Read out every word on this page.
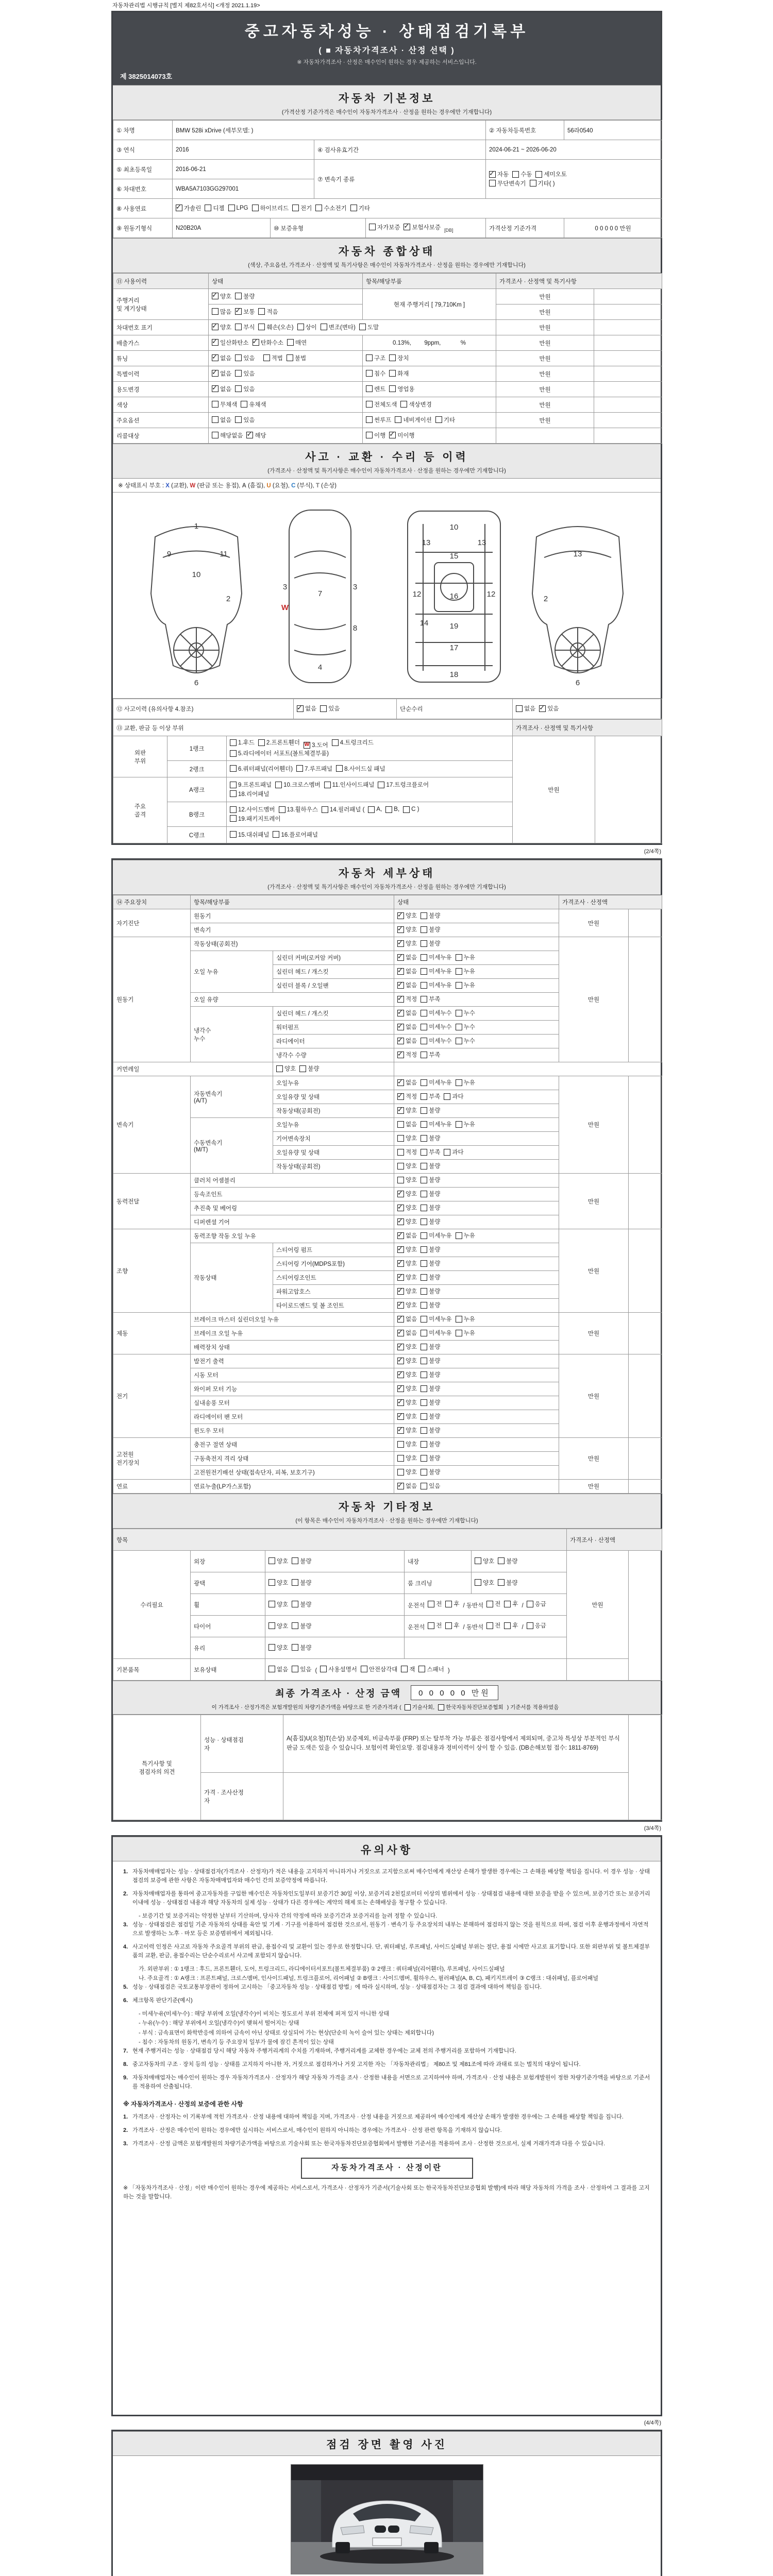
자동차관리법 시행규칙 [별지 제82호서식] <개정 2021.1.19>
중고자동차성능 · 상태점검기록부
( ■ 자동차가격조사 · 산정 선택 )
※ 자동차가격조사 · 산정은 매수인이 원하는 경우 제공하는 서비스입니다.
제 3825014073호
자동차 기본정보
(가격산정 기준가격은 매수인이 자동차가격조사 · 산정을 원하는 경우에만 기재합니다)
① 차명	BMW 528i xDrive (세부모델: )				② 자동차등록번호	56라0540
③ 연식	2016		④ 검사유효기간		2024-06-21 ~ 2026-06-20	
⑤ 최초등록일	2016-06-21		⑦ 변속기 종류	
✓
자동 수동 세미오토

무단변속기 기타( )

⑥ 차대번호	WBA5A7103GG297001					
⑧ 사용연료	
✓가솔린 디젤 LPG 하이브리드 전기 수소전기 기타

⑨ 원동기형식	N20B20A	⑩ 보증유형		자가보증 ✓ 보험사보증 $_{[DB]}$	가격산정 기준가격	0 0 0 0 0 만원
자동차 종합상태
(색상, 주요옵션, 가격조사 · 산정액 및 특기사항은 매수인이 자동차가격조사 · 산정을 원하는 경우에만 기재합니다)
⑪ 사용이력	상태	항목/해당부품	가격조사 · 산정액 및 특기사항	
주행거리
및 계기상태	
✓
양호 불량	현재 주행거리 [ 79,710Km ]	만원	

	많음 ✓ 보통 적음		만원	
차대번호 표기	
✓양호 부식 훼손(오손) 상이 변조(변타) 도말	만원	
배출가스	
✓일산화탄소 ✓ 탄화수소 매연	0.13%,        9ppm,            %	만원	
튜닝	
✓없음 있음
적법 불법	구조 장치	만원	
특별이력	
✓없음 있음	침수 화재	만원	
용도변경	
✓없음 있음	렌트 영업용	만원	
색상	무채색 유채색	전체도색 색상변경	만원	
주요옵션	없음 있음	썬루프 네비게이션 기타	만원	
리콜대상	해당없음 ✓ 해당	이행 ✓ 미이행

사고 · 교환 · 수리 등 이력
(가격조사 · 산정액 및 특기사항은 매수인이 자동차가격조사 · 산정을 원하는 경우에만 기재합니다)
※ 상태표시 부호 : X (교환), W (판금 또는 용접), A (흠집), U (요철), C (부식), T (손상)
1
9
10
11
2
6
7
3
W
3
8
4
10
13	13
15
12	12
16
14	19
17
18
13
2
6
⑫ 사고이력 (유의사항 4.참조)	
✓없음 있음	단순수리	없음 ✓ 있음
⑬ 교환, 판금 등 이상 부위			가격조사 · 산정액 및 특기사항	
외판
부위	1랭크	
1.후드 2.프론트휀더 W 3.도어 4.트렁크리드

5.라디에이터 서포트(볼트체결부품)
	만원	
	2랭크	6.쿼터패널(리어휀더) 7.루프패널 8.사이드실 패널		

주요
골격	A랭크	9.프론트패널 10.크로스멤버 11.인사이드패널 17.트렁크플로어

18.리어패널		

B랭크	
12.사이드멤버 13.휠하우스 14.필러패널 ( A, B, C )

19.패키지트레이

	C랭크	15.대쉬패널 16.플로어패널		
(2/4쪽)
자동차 세부상태
(가격조사 · 산정액 및 특기사항은 매수인이 자동차가격조사 · 산정을 원하는 경우에만 기재합니다)
⑭ 주요장치	항목/해당부품		상태	가격조사 · 산정액	
자기진단	원동기	
✓양호 불량	만원	
	변속기	
✓양호 불량

원동기	작동상태(공회전)	
✓양호 불량	만원	
	오일 누유	실린더 커버(로커암 커버)	
✓없음 미세누유 누유

		실린더 헤드 / 개스킷	
✓없음 미세누유 누유

		실린더 블록 / 오일팬	
✓없음 미세누유 누유

	오일 유량	
✓적정 부족

	냉각수
누수	실린더 헤드 / 개스킷	
✓없음 미세누수 누수

		워터펌프	
✓없음 미세누수 누수

		라디에이터	
✓없음 미세누수 누수

		냉각수 수량	
✓적정 부족

커먼레일		양호 불량			

변속기	자동변속기
(A/T)	오일누유	
✓없음 미세누유 누유	만원	
		오일유량 및 상태	
✓적정 부족 과다

		작동상태(공회전)	
✓양호 불량

	수동변속기
(M/T)	오일누유	없음 미세누유 누유		

		기어변속장치	양호 불량		

		오일유량 및 상태	적정 부족 과다		

		작동상태(공회전)	양호 불량		

동력전달	클러치 어셈블리		양호 불량	만원	
	등속조인트	
✓양호 불량

	추진축 및 베어링	
✓양호 불량

	디퍼렌셜 기어	
✓양호 불량

조향	동력조향 작동 오일 누유	
✓없음 미세누유 누유	만원	
	작동상태	스티어링 펌프	
✓양호 불량

		스티어링 기어(MDPS포함)	
✓양호 불량

		스티어링조인트	
✓양호 불량

		파워고압호스	
✓양호 불량

		타이로드엔드 및 볼 조인트	
✓양호 불량

제동	브레이크 마스터 실린더오일 누유	
✓없음 미세누유 누유	만원	
	브레이크 오일 누유	
✓없음 미세누유 누유

	배력장치 상태	
✓양호 불량

전기	발전기 출력	
✓양호 불량	만원	
	시동 모터	
✓양호 불량

	와이퍼 모터 기능	
✓양호 불량

	실내송풍 모터	
✓양호 불량

	라디에이터 팬 모터	
✓양호 불량

	윈도우 모터	
✓양호 불량

고전원
전기장치	충전구 절연 상태		양호 불량	만원	
	구동축전지 격리 상태		양호 불량		

	고전원전기배선 상태(접속단자, 피복, 보호기구)		양호 불량		

연료	연료누출(LP가스포함)	
✓없음 있음	만원	
자동차 기타정보
(이 항목은 매수인이 자동차가격조사 · 산정을 원하는 경우에만 기재합니다)
항목					가격조사 · 산정액	
수리필요	외장	양호 불량	내장	양호 불량	만원	
	광택	양호 불량	룸 크리닝	양호 불량		

휠	양호 불량	운전석 전 후 / 동반석 전 후 / 응급

타이어	양호 불량	운전석 전 후 / 동반석 전 후 / 응급

	유리	양호 불량				

기본품목	보유상태	없음 있음 ( 사용설명서 안전삼각대 잭 스패너 )	
최종 가격조사 · 산정 금액	0 0 0 0 0 만원
이 가격조사 · 산정가격은 보험개발원의 차량기준가액을 바탕으로 한 기준가격과 ( 기술사회, 한국자동차진단보증협회 ) 기준서를 적용하였음
특기사항 및
점검자의 의견	성능 · 상태점검
자	A(흠집)U(요철)T(손상) 보증제외, 비금속부품 (FRP) 또는 탈부착 가능 부품은 점검사항에서 제외되며, 중고차 특성상 부분적인 부식 판금 도색은 있을 수 있습니다. 보험이력 확인요망. 점검내용과 정비이력이 상이 할 수 있음. (DB손해보험 접수: 1811-8769)	
	가격 · 조사산정
자		
(3/4쪽)
유의사항
1. 자동차매매업자는 성능 · 상태점검자(가격조사 · 산정자)가 적은 내용을 고지하지 아니하거나 거짓으로 고지함으로써 매수인에게 재산상 손해가 발생한 경우에는 그 손해를 배상할 책임을 집니다. 이 경우 성능 · 상태점검의 보증에 관한 사항은 자동차매매업자와 매수인 간의 보증약정에 따릅니다.
2. 자동차매매업자를 통하여 중고자동차를 구입한 매수인은 자동차인도일부터 보증기간 30일 이상, 보증거리 2천킬로미터 이상의 범위에서 성능 · 상태점검 내용에 대한 보증을 받을 수 있으며, 보증기간 또는 보증거리 이내에 성능 · 상태점검 내용과 해당 자동차의 실제 성능 · 상태가 다른 경우에는 계약의 해제 또는 손해배상을 청구할 수 있습니다.
- 보증기간 및 보증거리는 약정한 날부터 기산하며, 당사자 간의 약정에 따라 보증기간과 보증거리를 늘려 정할 수 있습니다.
3. 성능 · 상태점검은 점검일 기준 자동차의 상태를 육안 및 기계 · 기구를 이용하여 점검한 것으로서, 원동기 · 변속기 등 주요장치의 내부는 분해하여 점검하지 않는 것을 원칙으로 하며, 점검 이후 운행과정에서 자연적으로 발생하는 노후 · 마모 등은 보증범위에서 제외됩니다.
4. 사고이력 인정은 사고로 자동차 주요골격 부위의 판금, 용접수리 및 교환이 있는 경우로 한정합니다. 단, 쿼터패널, 루프패널, 사이드실패널 부위는 절단, 용접 시에만 사고로 표기합니다. 또한 외판부위 및 볼트체결부품의 교환, 판금, 용접수리는 단순수리로서 사고에 포함되지 않습니다.
가. 외판부위 : ① 1랭크 : 후드, 프론트휀더, 도어, 트렁크리드, 라디에이터서포트(볼트체결부품) ② 2랭크 : 쿼터패널(리어휀더), 루프패널, 사이드실패널
나. 주요골격 : ① A랭크 : 프론트패널, 크로스멤버, 인사이드패널, 트렁크플로어, 리어패널 ② B랭크 : 사이드멤버, 휠하우스, 필러패널(A, B, C), 패키지트레이 ③ C랭크 : 대쉬패널, 플로어패널
5. 성능 · 상태점검은 국토교통부장관이 정하여 고시하는 「중고자동차 성능 · 상태점검 방법」에 따라 실시하며, 성능 · 상태점검자는 그 점검 결과에 대하여 책임을 집니다.
6. 체크항목 판단기준(예시)
- 미세누유(미세누수) : 해당 부위에 오일(냉각수)이 비치는 정도로서 부위 전체에 퍼져 있지 아니한 상태
- 누유(누수) : 해당 부위에서 오일(냉각수)이 맺혀서 떨어지는 상태
- 부식 : 금속표면이 화학반응에 의하여 금속이 아닌 상태로 상실되어 가는 현상(단순히 녹이 슬어 있는 상태는 제외합니다)
- 침수 : 자동차의 원동기, 변속기 등 주요장치 일부가 물에 잠긴 흔적이 있는 상태
7. 현재 주행거리는 성능 · 상태점검 당시 해당 자동차 주행거리계의 수치를 기재하며, 주행거리계를 교체한 경우에는 교체 전의 주행거리를 포함하여 기재합니다.
8. 중고자동차의 구조 · 장치 등의 성능 · 상태를 고지하지 아니한 자, 거짓으로 점검하거나 거짓 고지한 자는 「자동차관리법」 제80조 및 제81조에 따라 과태료 또는 벌칙의 대상이 됩니다.
9. 자동차매매업자는 매수인이 원하는 경우 자동차가격조사 · 산정자가 해당 자동차 가격을 조사 · 산정한 내용을 서면으로 고지하여야 하며, 가격조사 · 산정 내용은 보험개발원이 정한 차량기준가액을 바탕으로 기준서를 적용하여 산출됩니다.
※ 자동차가격조사 · 산정의 보증에 관한 사항
1. 가격조사 · 산정자는 이 기록부에 적힌 가격조사 · 산정 내용에 대하여 책임을 지며, 가격조사 · 산정 내용을 거짓으로 제공하여 매수인에게 재산상 손해가 발생한 경우에는 그 손해를 배상할 책임을 집니다.
2. 가격조사 · 산정은 매수인이 원하는 경우에만 실시하는 서비스로서, 매수인이 원하지 아니하는 경우에는 가격조사 · 산정 관련 항목을 기재하지 않습니다.
3. 가격조사 · 산정 금액은 보험개발원의 차량기준가액을 바탕으로 기술사회 또는 한국자동차진단보증협회에서 발행한 기준서를 적용하여 조사 · 산정한 것으로서, 실제 거래가격과 다를 수 있습니다.
자동차가격조사 · 산정이란
※ 「자동차가격조사 · 산정」이란 매수인이 원하는 경우에 제공하는 서비스로서, 가격조사 · 산정자가 기준서(기술사회 또는 한국자동차진단보증협회 발행)에 따라 해당 자동차의 가격을 조사 · 산정하여 그 결과를 고지하는 것을 말합니다.
(4/4쪽)
점검 장면 촬영 사진
